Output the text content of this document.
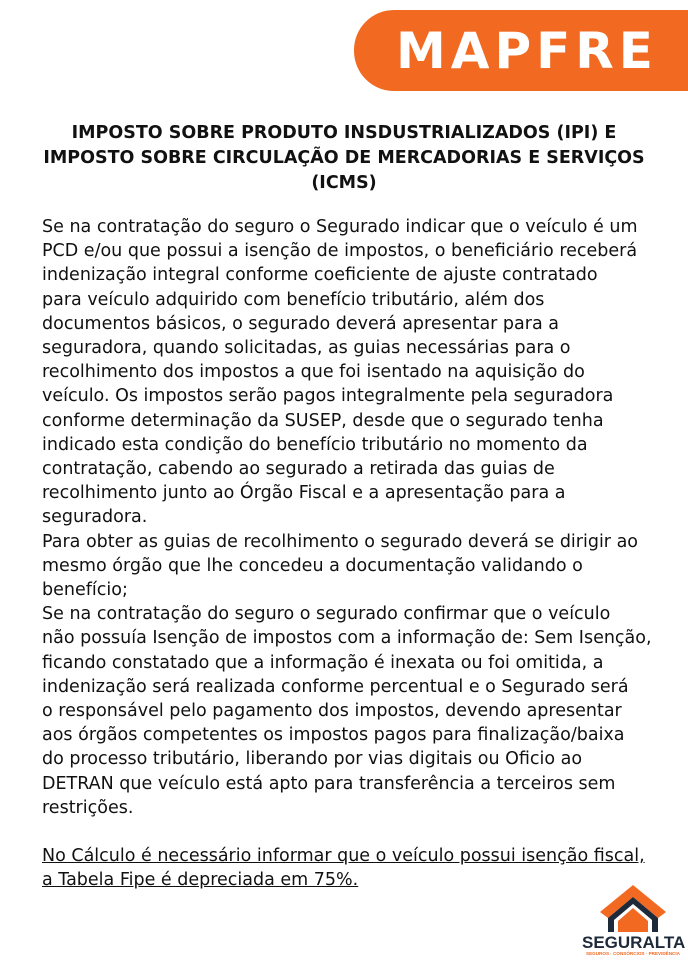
MAPFRE
IMPOSTO SOBRE PRODUTO INSDUSTRIALIZADOS (IPI) E
IMPOSTO SOBRE CIRCULAÇÃO DE MERCADORIAS E SERVIÇOS
(ICMS)
Se na contratação do seguro o Segurado indicar que o veículo é um
PCD e/ou que possui a isenção de impostos, o beneficiário receberá
indenização integral conforme coeficiente de ajuste contratado
para veículo adquirido com benefício tributário, além dos
documentos básicos, o segurado deverá apresentar para a
seguradora, quando solicitadas, as guias necessárias para o
recolhimento dos impostos a que foi isentado na aquisição do
veículo. Os impostos serão pagos integralmente pela seguradora
conforme determinação da SUSEP, desde que o segurado tenha
indicado esta condição do benefício tributário no momento da
contratação, cabendo ao segurado a retirada das guias de
recolhimento junto ao Órgão Fiscal e a apresentação para a
seguradora.
Para obter as guias de recolhimento o segurado deverá se dirigir ao
mesmo órgão que lhe concedeu a documentação validando o
benefício;
Se na contratação do seguro o segurado confirmar que o veículo
não possuía Isenção de impostos com a informação de: Sem Isenção,
ficando constatado que a informação é inexata ou foi omitida, a
indenização será realizada conforme percentual e o Segurado será
o responsável pelo pagamento dos impostos, devendo apresentar
aos órgãos competentes os impostos pagos para finalização/baixa
do processo tributário, liberando por vias digitais ou Oficio ao
DETRAN que veículo está apto para transferência a terceiros sem
restrições.
No Cálculo é necessário informar que o veículo possui isenção fiscal,
a Tabela Fipe é depreciada em 75%.
SEGURALTA
SEGUROS · CONSÓRCIOS · PREVIDÊNCIA
